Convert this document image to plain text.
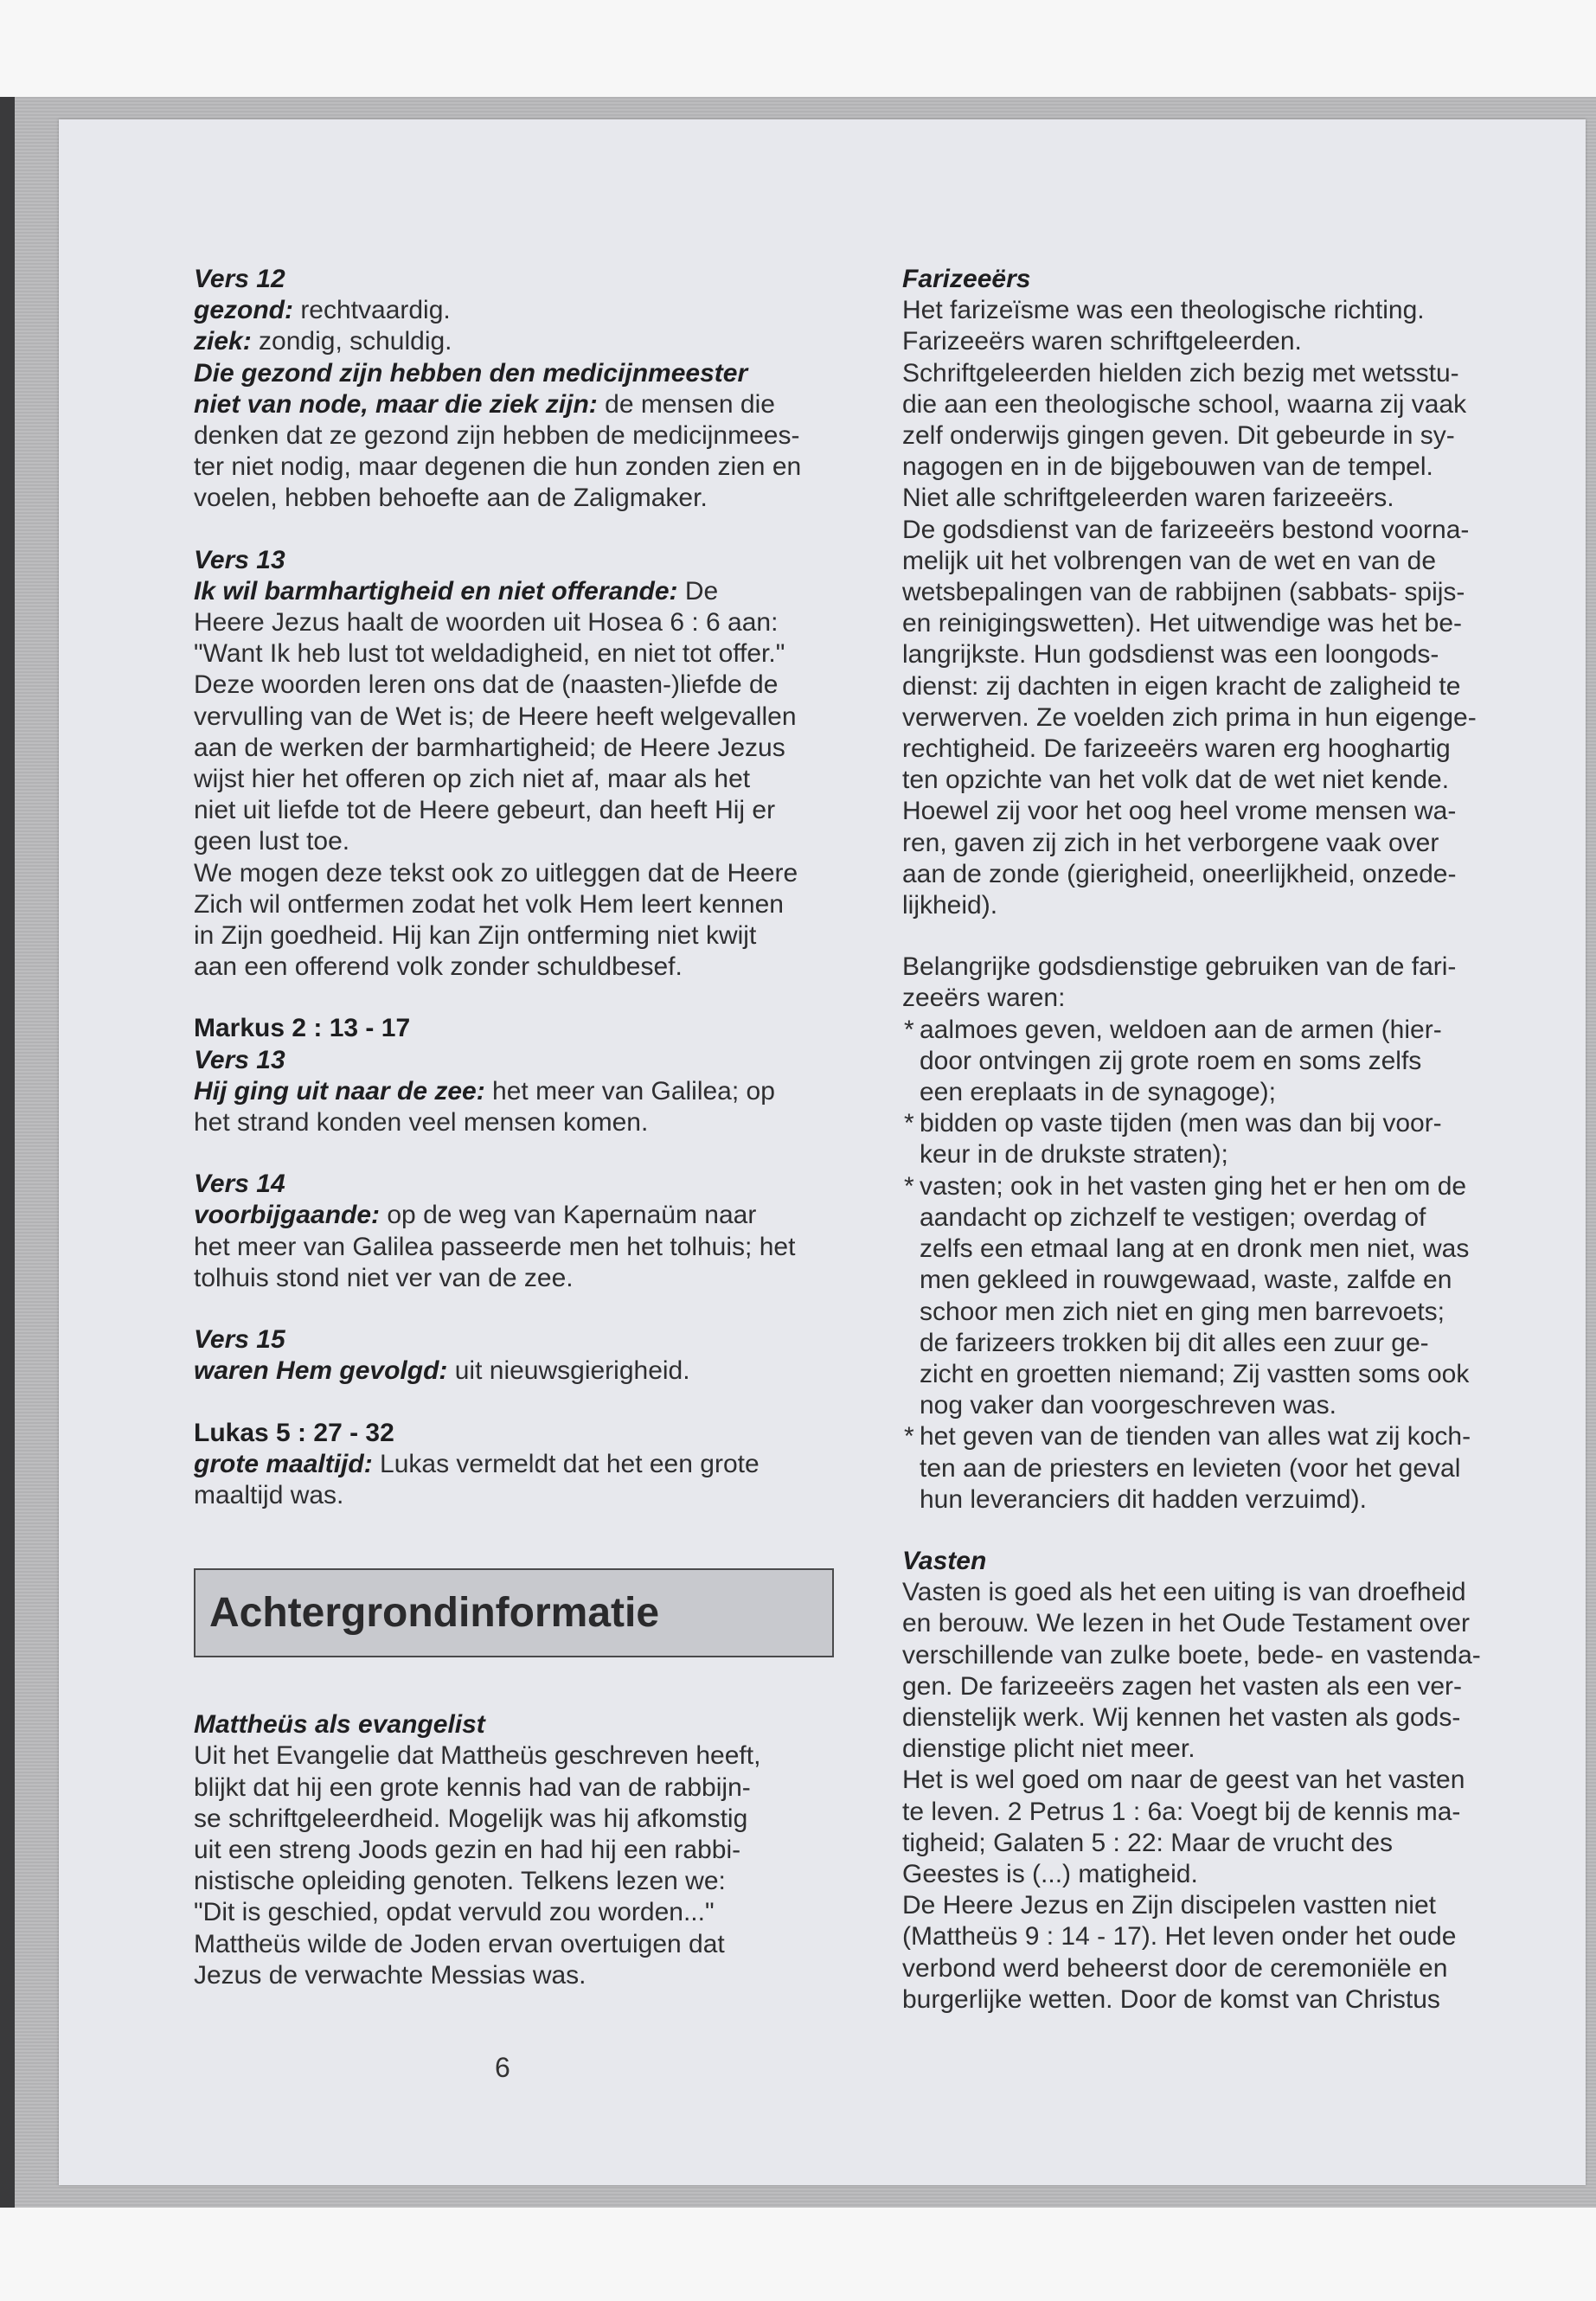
Vers 12
gezond: rechtvaardig.
ziek: zondig, schuldig.
Die gezond zijn hebben den medicijnmeester
niet van node, maar die ziek zijn: de mensen die
denken dat ze gezond zijn hebben de medicijnmees-
ter niet nodig, maar degenen die hun zonden zien en
voelen, hebben behoefte aan de Zaligmaker.
Vers 13
Ik wil barmhartigheid en niet offerande: De
Heere Jezus haalt de woorden uit Hosea 6 : 6 aan:
"Want Ik heb lust tot weldadigheid, en niet tot offer."
Deze woorden leren ons dat de (naasten-)liefde de
vervulling van de Wet is; de Heere heeft welgevallen
aan de werken der barmhartigheid; de Heere Jezus
wijst hier het offeren op zich niet af, maar als het
niet uit liefde tot de Heere gebeurt, dan heeft Hij er
geen lust toe.
We mogen deze tekst ook zo uitleggen dat de Heere
Zich wil ontfermen zodat het volk Hem leert kennen
in Zijn goedheid. Hij kan Zijn ontferming niet kwijt
aan een offerend volk zonder schuldbesef.
Markus 2 : 13 - 17
Vers 13
Hij ging uit naar de zee: het meer van Galilea; op
het strand konden veel mensen komen.
Vers 14
voorbijgaande: op de weg van Kapernaüm naar
het meer van Galilea passeerde men het tolhuis; het
tolhuis stond niet ver van de zee.
Vers 15
waren Hem gevolgd: uit nieuwsgierigheid.
Lukas 5 : 27 - 32
grote maaltijd: Lukas vermeldt dat het een grote
maaltijd was.
Achtergrondinformatie
Mattheüs als evangelist
Uit het Evangelie dat Mattheüs geschreven heeft,
blijkt dat hij een grote kennis had van de rabbijn-
se schriftgeleerdheid. Mogelijk was hij afkomstig
uit een streng Joods gezin en had hij een rabbi-
nistische opleiding genoten. Telkens lezen we:
"Dit is geschied, opdat vervuld zou worden..."
Mattheüs wilde de Joden ervan overtuigen dat
Jezus de verwachte Messias was.
Farizeeërs
Het farizeïsme was een theologische richting.
Farizeeërs waren schriftgeleerden.
Schriftgeleerden hielden zich bezig met wetsstu-
die aan een theologische school, waarna zij vaak
zelf onderwijs gingen geven. Dit gebeurde in sy-
nagogen en in de bijgebouwen van de tempel.
Niet alle schriftgeleerden waren farizeeërs.
De godsdienst van de farizeeërs bestond voorna-
melijk uit het volbrengen van de wet en van de
wetsbepalingen van de rabbijnen (sabbats- spijs-
en reinigingswetten). Het uitwendige was het be-
langrijkste. Hun godsdienst was een loongods-
dienst: zij dachten in eigen kracht de zaligheid te
verwerven. Ze voelden zich prima in hun eigenge-
rechtigheid. De farizeeërs waren erg hooghartig
ten opzichte van het volk dat de wet niet kende.
Hoewel zij voor het oog heel vrome mensen wa-
ren, gaven zij zich in het verborgene vaak over
aan de zonde (gierigheid, oneerlijkheid, onzede-
lijkheid).
Belangrijke godsdienstige gebruiken van de fari-
zeeërs waren:
* aalmoes geven, weldoen aan de armen (hier-
door ontvingen zij grote roem en soms zelfs
een ereplaats in de synagoge);
* bidden op vaste tijden (men was dan bij voor-
keur in de drukste straten);
* vasten; ook in het vasten ging het er hen om de
aandacht op zichzelf te vestigen; overdag of
zelfs een etmaal lang at en dronk men niet, was
men gekleed in rouwgewaad, waste, zalfde en
schoor men zich niet en ging men barrevoets;
de farizeers trokken bij dit alles een zuur ge-
zicht en groetten niemand; Zij vastten soms ook
nog vaker dan voorgeschreven was.
* het geven van de tienden van alles wat zij koch-
ten aan de priesters en levieten (voor het geval
hun leveranciers dit hadden verzuimd).
Vasten
Vasten is goed als het een uiting is van droefheid
en berouw. We lezen in het Oude Testament over
verschillende van zulke boete, bede- en vastenda-
gen. De farizeeërs zagen het vasten als een ver-
dienstelijk werk. Wij kennen het vasten als gods-
dienstige plicht niet meer.
Het is wel goed om naar de geest van het vasten
te leven. 2 Petrus 1 : 6a: Voegt bij de kennis ma-
tigheid; Galaten 5 : 22: Maar de vrucht des
Geestes is (...) matigheid.
De Heere Jezus en Zijn discipelen vastten niet
(Mattheüs 9 : 14 - 17). Het leven onder het oude
verbond werd beheerst door de ceremoniële en
burgerlijke wetten. Door de komst van Christus
6
